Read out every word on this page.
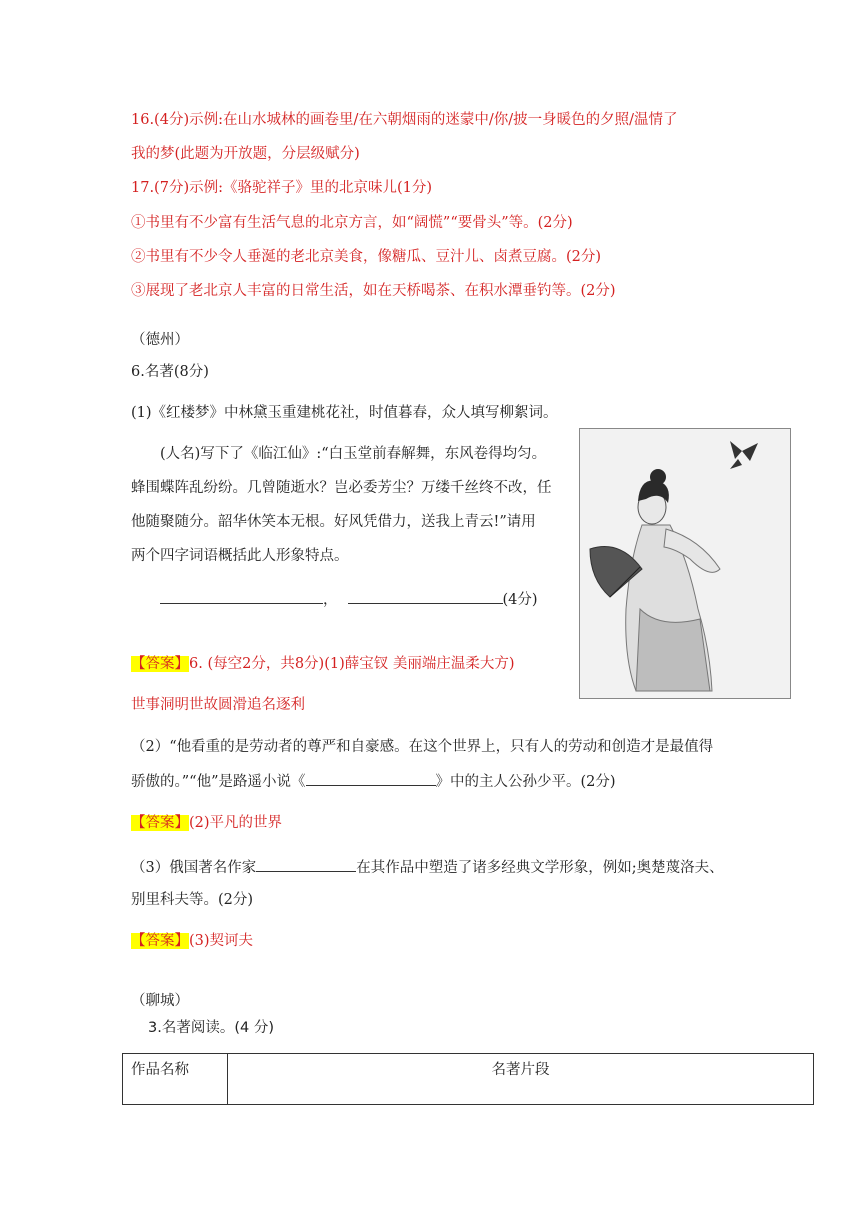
16.(4分)示例:在山水城林的画卷里/在六朝烟雨的迷蒙中/你/披一身暖色的夕照/温情了
我的梦(此题为开放题，分层级赋分)
17.(7分)示例:《骆驼祥子》里的北京味儿(1分)
①书里有不少富有生活气息的北京方言，如“阔慌”“要骨头”等。(2分)
②书里有不少令人垂涎的老北京美食，像糖瓜、豆汁儿、卤煮豆腐。(2分)
③展现了老北京人丰富的日常生活，如在天桥喝茶、在积水潭垂钓等。(2分)
（德州）
6.名著(8分)
(1)《红楼梦》中林黛玉重建桃花社，时值暮春，众人填写柳絮词。
(人名)写下了《临江仙》:“白玉堂前春解舞，东风卷得均匀。
蜂围蝶阵乱纷纷。几曾随逝水？岂必委芳尘？万缕千丝终不改，任
他随聚随分。韶华休笑本无根。好风凭借力，送我上青云!”请用
两个四字词语概括此人形象特点。
，	(4分)
【答案】6. (每空2分，共8分)(1)薛宝钗 美丽端庄温柔大方)
世事洞明世故圆滑追名逐利
（2）“他看重的是劳动者的尊严和自豪感。在这个世界上，只有人的劳动和创造才是最值得
骄傲的。”“他”是路遥小说《	》中的主人公孙少平。(2分)
【答案】(2)平凡的世界
（3）俄国著名作家	在其作品中塑造了诸多经典文学形象，例如;奥楚蔑洛夫、
别里科夫等。(2分)
【答案】(3)契诃夫
（聊城）
3.名著阅读。(4 分)
作品名称	名著片段
